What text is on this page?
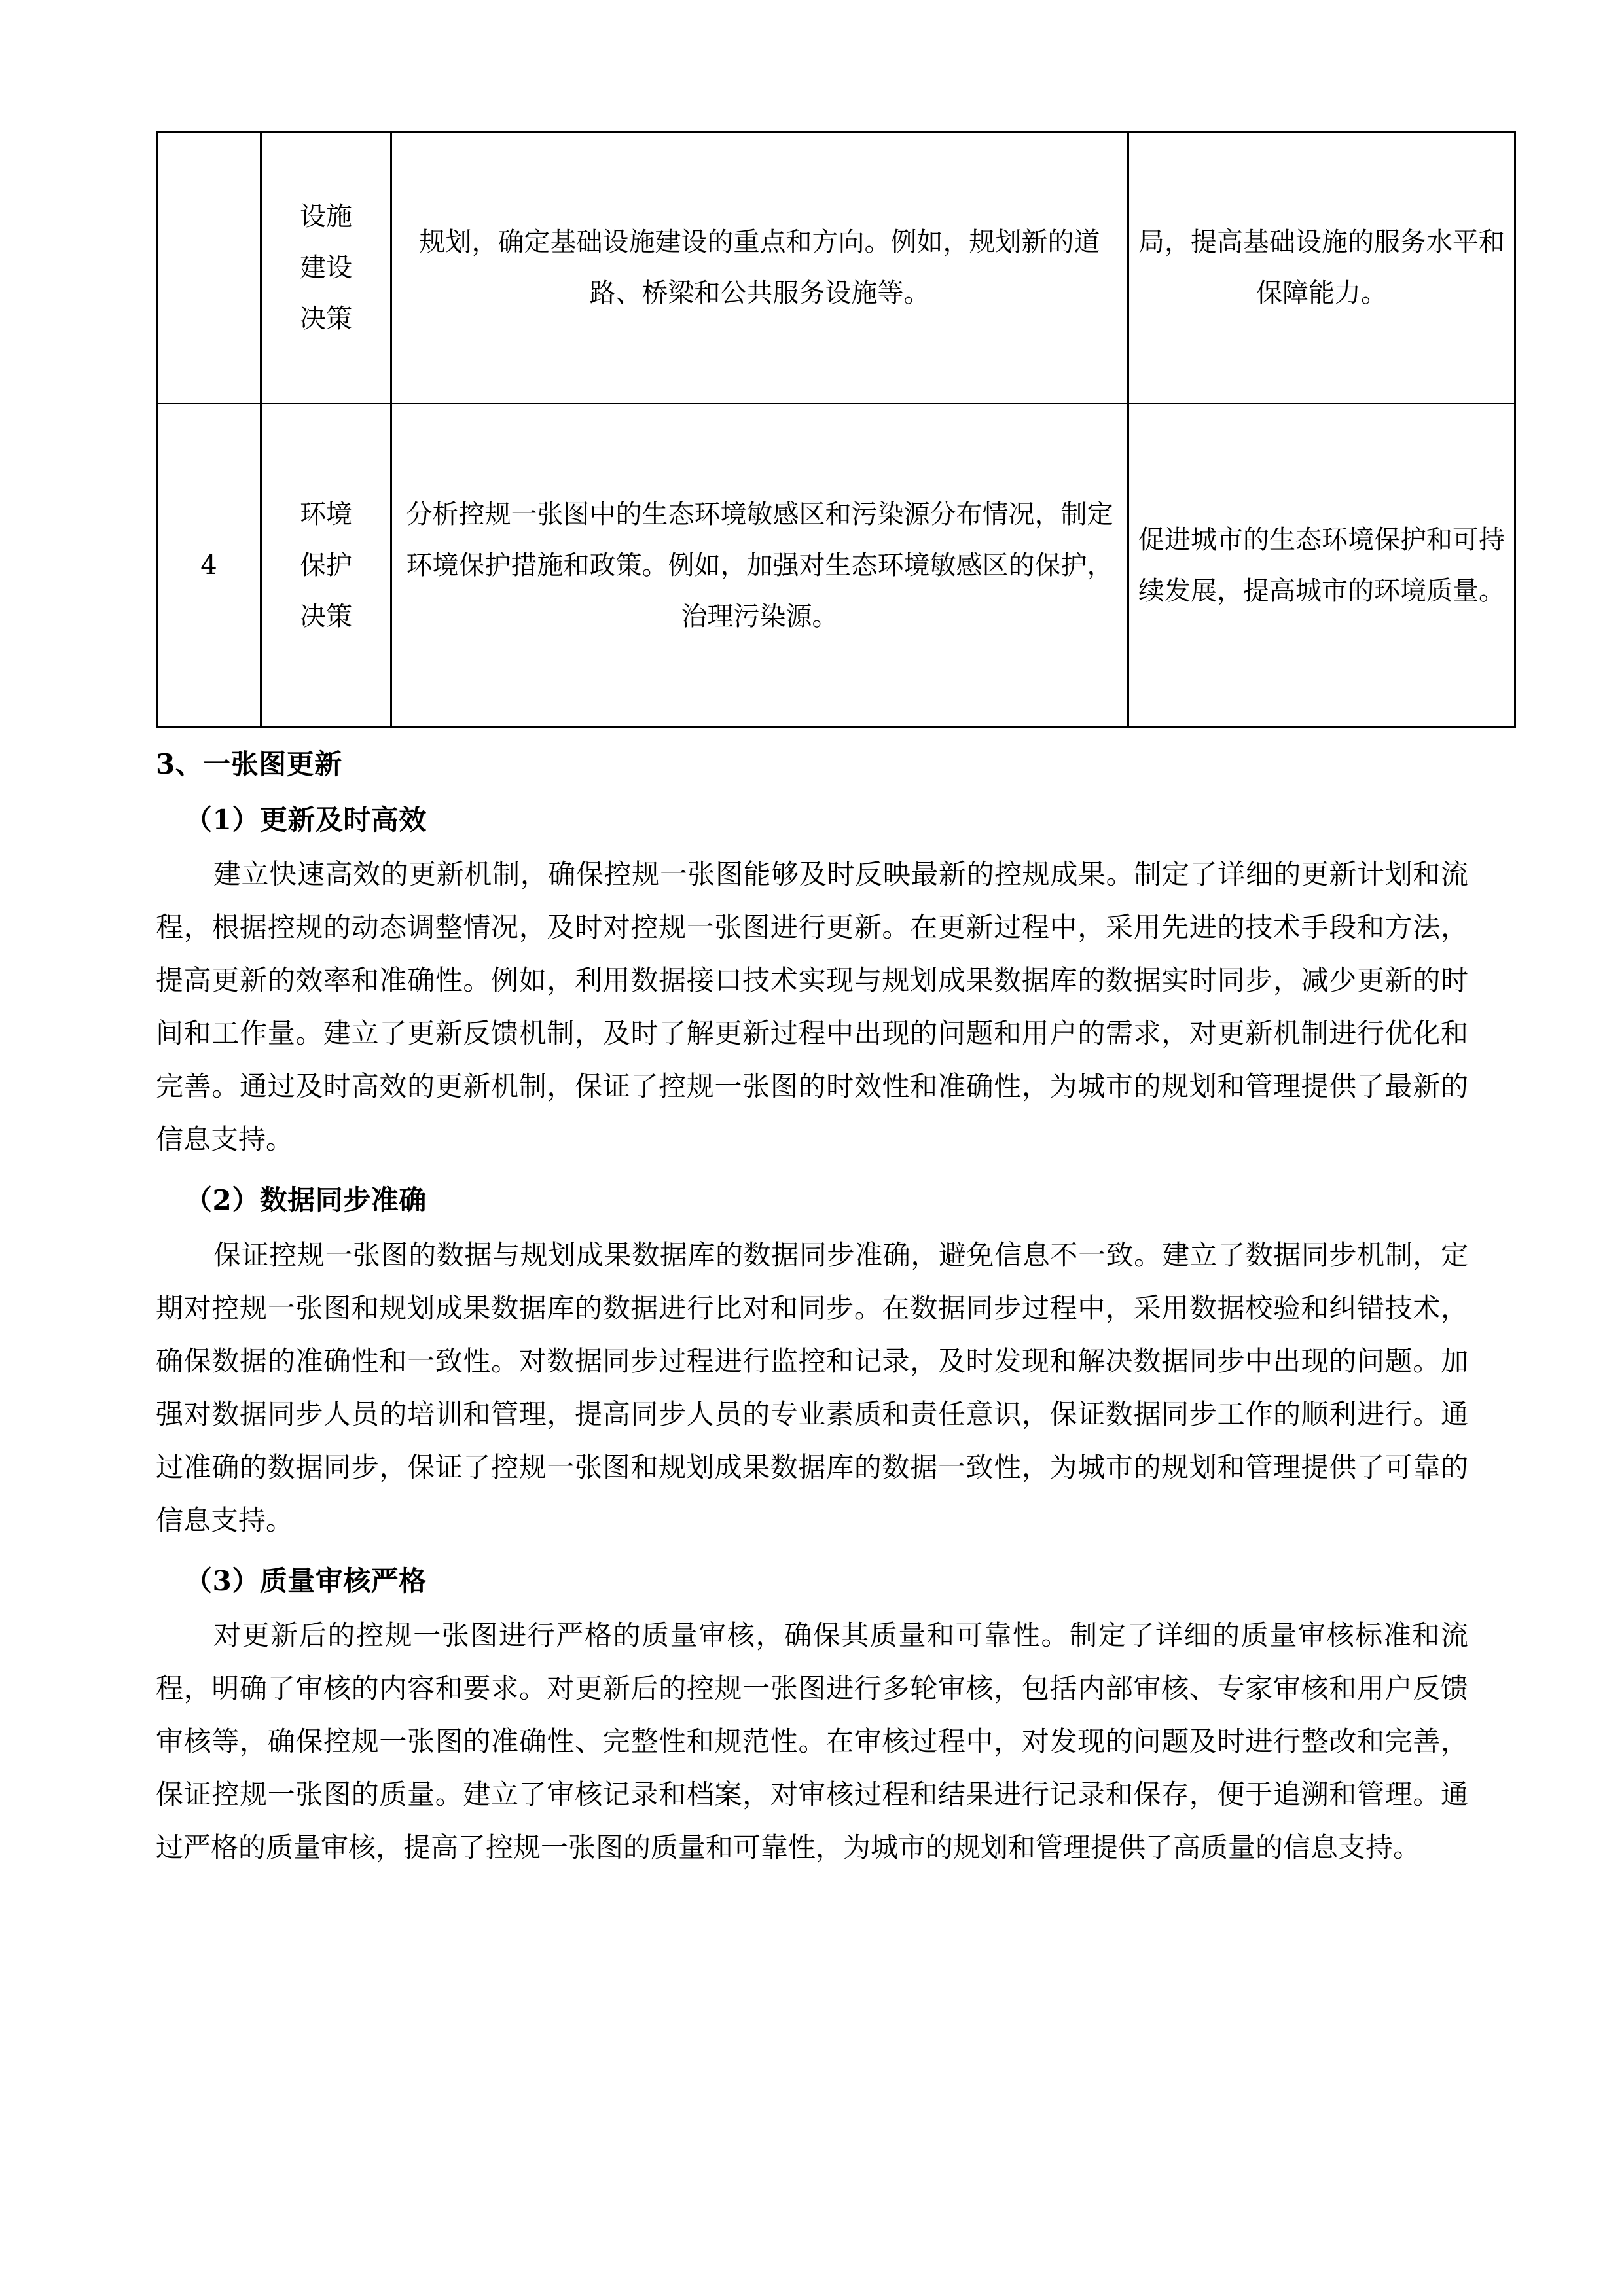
	设施
建设
决策	规划，确定基础设施建设的重点和方向。例如，规划新的道路、桥梁和公共服务设施等。	局，提高基础设施的服务水平和保障能力。

4	环境
保护
决策	分析控规一张图中的生态环境敏感区和污染源分布情况，制定环境保护措施和政策。例如，加强对生态环境敏感区的保护，治理污染源。	促进城市的生态环境保护和可持续发展，提高城市的环境质量。
3、一张图更新
（1）更新及时高效

建立快速高效的更新机制，确保控规一张图能够及时反映最新的控规成果。制定了详细的更新计划和流程，根据控规的动态调整情况，及时对控规一张图进行更新。在更新过程中，采用先进的技术手段和方法，提高更新的效率和准确性。例如，利用数据接口技术实现与规划成果数据库的数据实时同步，减少更新的时间和工作量。建立了更新反馈机制，及时了解更新过程中出现的问题和用户的需求，对更新机制进行优化和完善。通过及时高效的更新机制，保证了控规一张图的时效性和准确性，为城市的规划和管理提供了最新的信息支持。

（2）数据同步准确

保证控规一张图的数据与规划成果数据库的数据同步准确，避免信息不一致。建立了数据同步机制，定期对控规一张图和规划成果数据库的数据进行比对和同步。在数据同步过程中，采用数据校验和纠错技术，确保数据的准确性和一致性。对数据同步过程进行监控和记录，及时发现和解决数据同步中出现的问题。加强对数据同步人员的培训和管理，提高同步人员的专业素质和责任意识，保证数据同步工作的顺利进行。通过准确的数据同步，保证了控规一张图和规划成果数据库的数据一致性，为城市的规划和管理提供了可靠的信息支持。

（3）质量审核严格

对更新后的控规一张图进行严格的质量审核，确保其质量和可靠性。制定了详细的质量审核标准和流程，明确了审核的内容和要求。对更新后的控规一张图进行多轮审核，包括内部审核、专家审核和用户反馈审核等，确保控规一张图的准确性、完整性和规范性。在审核过程中，对发现的问题及时进行整改和完善，保证控规一张图的质量。建立了审核记录和档案，对审核过程和结果进行记录和保存，便于追溯和管理。通过严格的质量审核，提高了控规一张图的质量和可靠性，为城市的规划和管理提供了高质量的信息支持。
